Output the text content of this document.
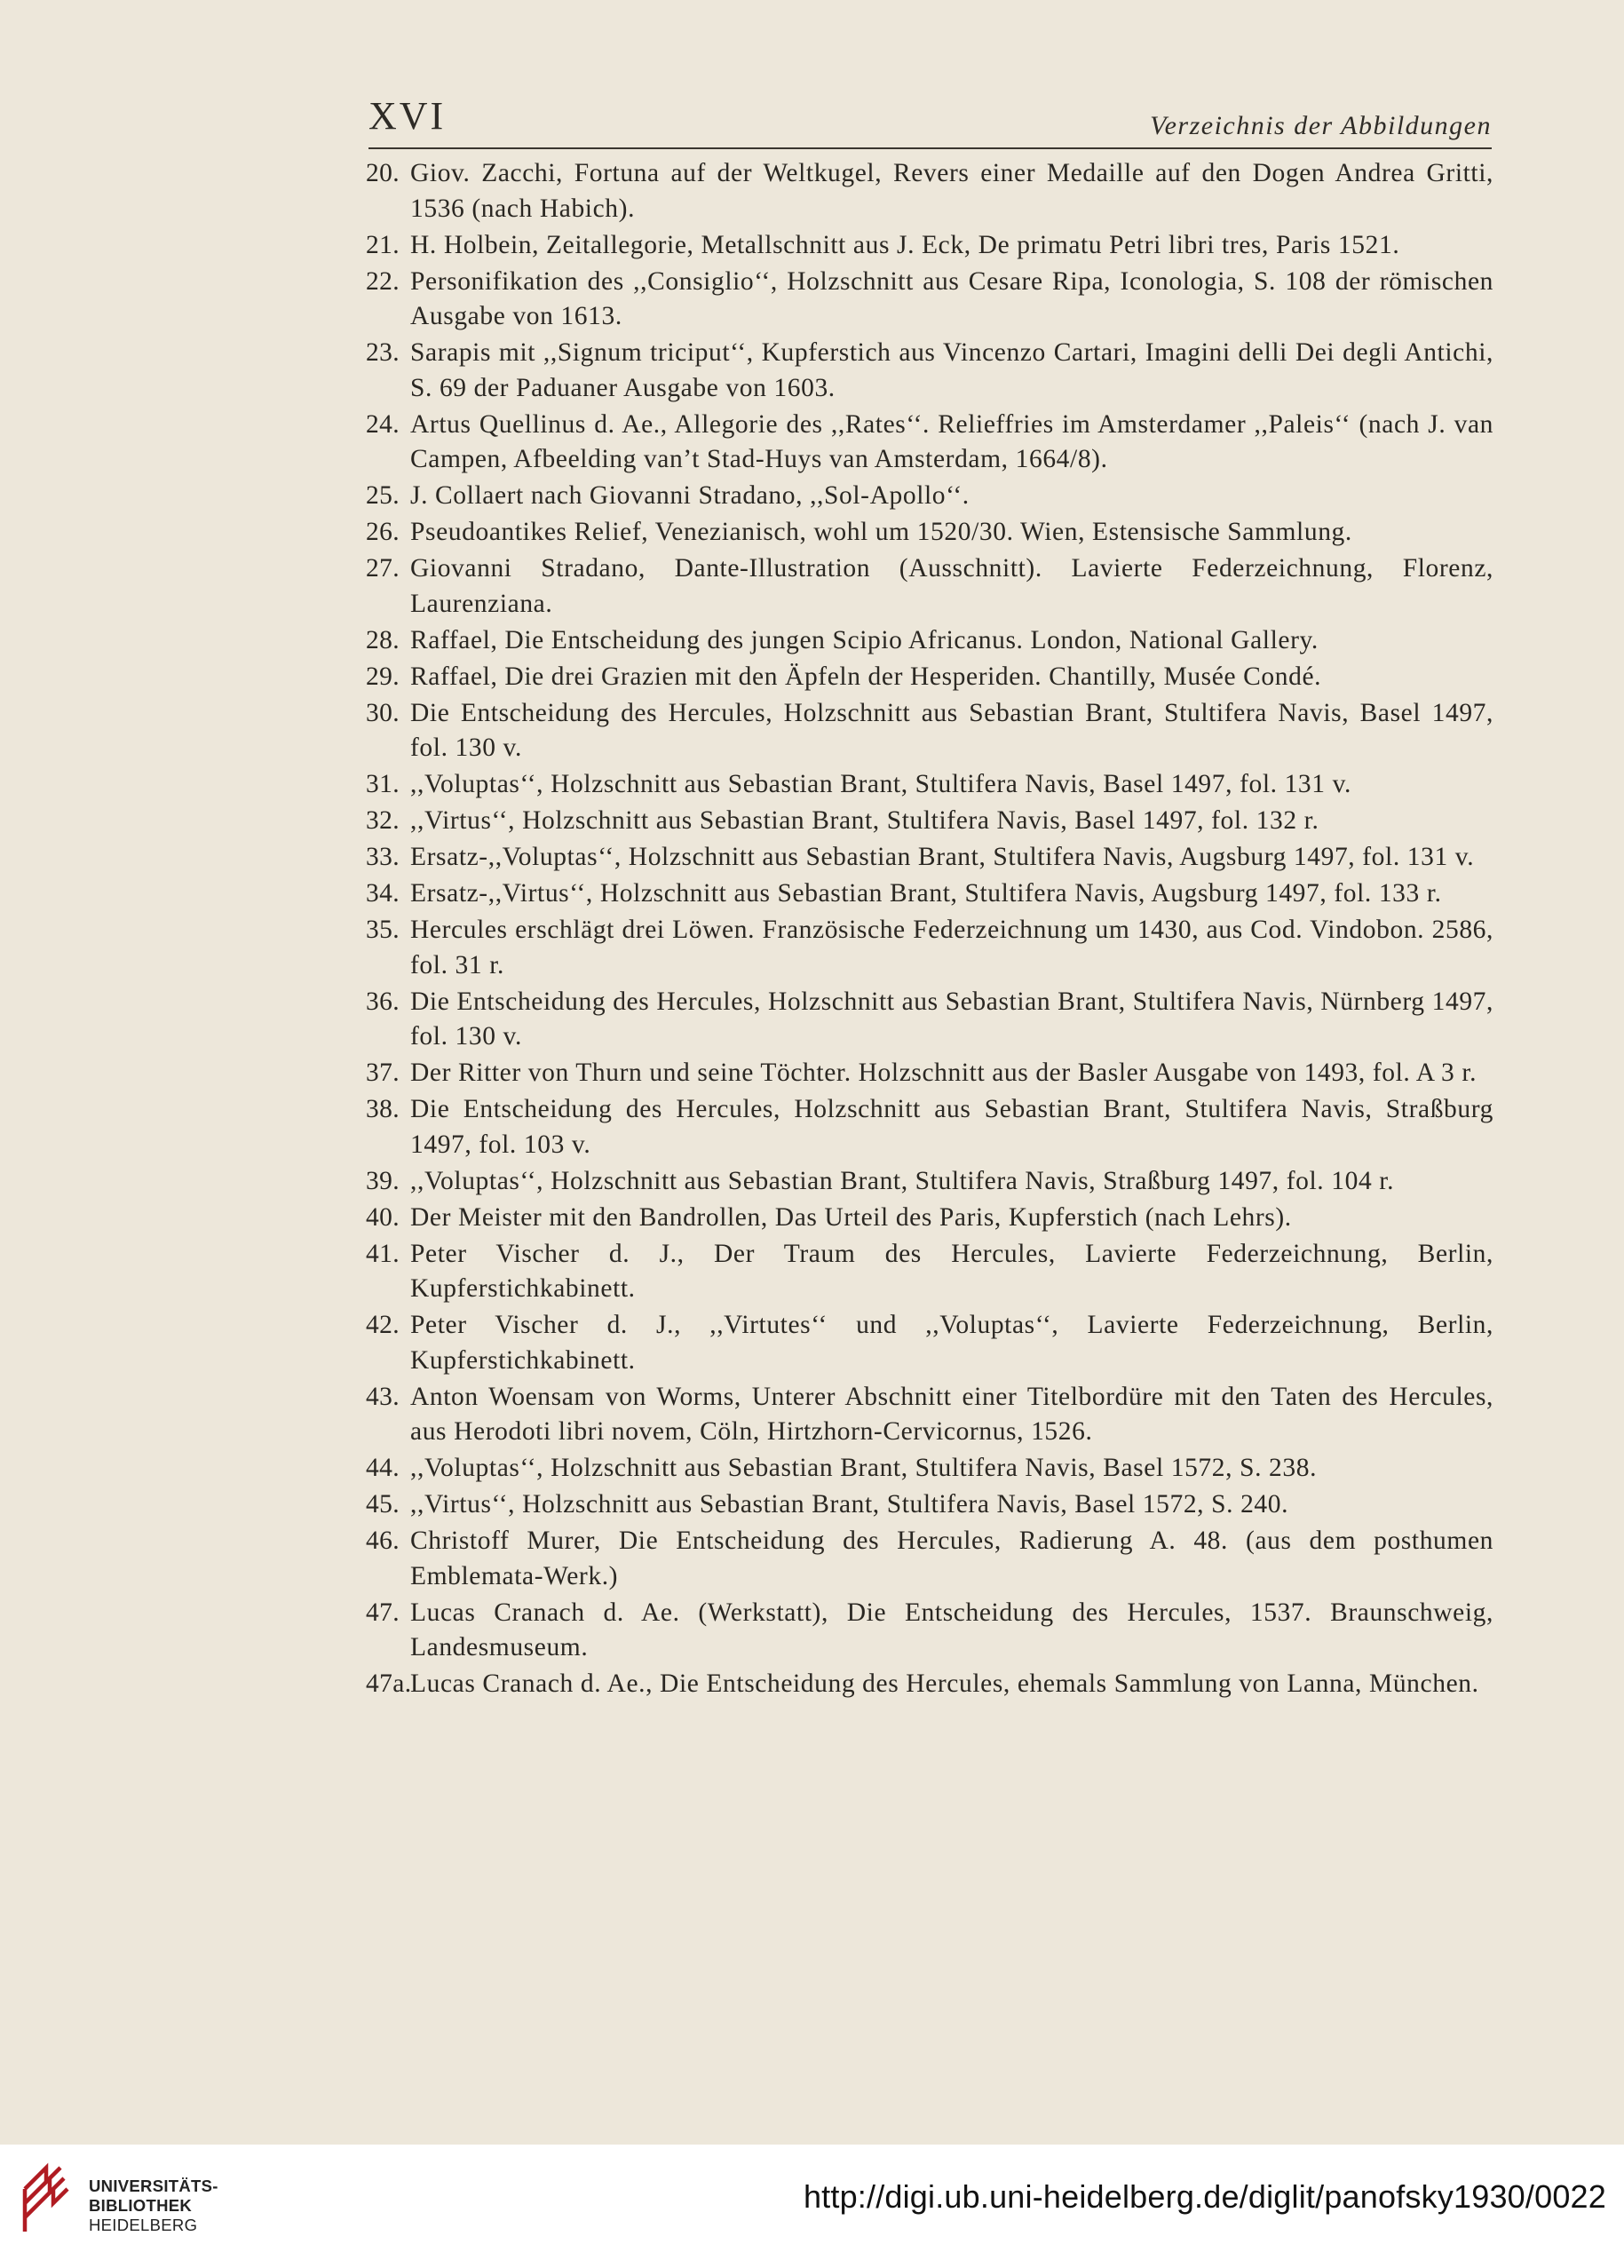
XVI	Verzeichnis der Abbildungen
20. Giov. Zacchi, Fortuna auf der Weltkugel, Revers einer Medaille auf den Dogen Andrea Gritti, 1536 (nach Habich).
21. H. Holbein, Zeitallegorie, Metallschnitt aus J. Eck, De primatu Petri libri tres, Paris 1521.
22. Personifikation des ,,Consiglio‘‘, Holzschnitt aus Cesare Ripa, Iconologia, S. 108 der römischen Ausgabe von 1613.
23. Sarapis mit ,,Signum triciput‘‘, Kupferstich aus Vincenzo Cartari, Imagini delli Dei degli Antichi, S. 69 der Paduaner Ausgabe von 1603.
24. Artus Quellinus d. Ae., Allegorie des ,,Rates‘‘. Relieffries im Amsterdamer ,,Paleis‘‘ (nach J. van Campen, Afbeelding van’t Stad-Huys van Amsterdam, 1664/8).
25. J. Collaert nach Giovanni Stradano, ,,Sol-Apollo‘‘.
26. Pseudoantikes Relief, Venezianisch, wohl um 1520/30. Wien, Estensische Sammlung.
27. Giovanni Stradano, Dante-Illustration (Ausschnitt). Lavierte Federzeichnung, Florenz, Laurenziana.
28. Raffael, Die Entscheidung des jungen Scipio Africanus. London, National Gallery.
29. Raffael, Die drei Grazien mit den Äpfeln der Hesperiden. Chantilly, Musée Condé.
30. Die Entscheidung des Hercules, Holzschnitt aus Sebastian Brant, Stultifera Navis, Basel 1497, fol. 130 v.
31. ,,Voluptas‘‘, Holzschnitt aus Sebastian Brant, Stultifera Navis, Basel 1497, fol. 131 v.
32. ,,Virtus‘‘, Holzschnitt aus Sebastian Brant, Stultifera Navis, Basel 1497, fol. 132 r.
33. Ersatz-,,Voluptas‘‘, Holzschnitt aus Sebastian Brant, Stultifera Navis, Augsburg 1497, fol. 131 v.
34. Ersatz-,,Virtus‘‘, Holzschnitt aus Sebastian Brant, Stultifera Navis, Augsburg 1497, fol. 133 r.
35. Hercules erschlägt drei Löwen. Französische Federzeichnung um 1430, aus Cod. Vindobon. 2586, fol. 31 r.
36. Die Entscheidung des Hercules, Holzschnitt aus Sebastian Brant, Stultifera Navis, Nürnberg 1497, fol. 130 v.
37. Der Ritter von Thurn und seine Töchter. Holzschnitt aus der Basler Ausgabe von 1493, fol. A 3 r.
38. Die Entscheidung des Hercules, Holzschnitt aus Sebastian Brant, Stultifera Navis, Straßburg 1497, fol. 103 v.
39. ,,Voluptas‘‘, Holzschnitt aus Sebastian Brant, Stultifera Navis, Straßburg 1497, fol. 104 r.
40. Der Meister mit den Bandrollen, Das Urteil des Paris, Kupferstich (nach Lehrs).
41. Peter Vischer d. J., Der Traum des Hercules, Lavierte Federzeichnung, Berlin, Kupferstichkabinett.
42. Peter Vischer d. J., ,,Virtutes‘‘ und ,,Voluptas‘‘, Lavierte Federzeichnung, Berlin, Kupferstichkabinett.
43. Anton Woensam von Worms, Unterer Abschnitt einer Titelbordüre mit den Taten des Hercules, aus Herodoti libri novem, Cöln, Hirtzhorn-Cervicornus, 1526.
44. ,,Voluptas‘‘, Holzschnitt aus Sebastian Brant, Stultifera Navis, Basel 1572, S. 238.
45. ,,Virtus‘‘, Holzschnitt aus Sebastian Brant, Stultifera Navis, Basel 1572, S. 240.
46. Christoff Murer, Die Entscheidung des Hercules, Radierung A. 48. (aus dem posthumen Emblemata-Werk.)
47. Lucas Cranach d. Ae. (Werkstatt), Die Entscheidung des Hercules, 1537. Braunschweig, Landesmuseum.
47a.
Lucas Cranach d. Ae., Die Entscheidung des Hercules, ehemals Sammlung von Lanna, München.
UNIVERSITÄTS-
BIBLIOTHEK
HEIDELBERG
http://digi.ub.uni-heidelberg.de/diglit/panofsky1930/0022
